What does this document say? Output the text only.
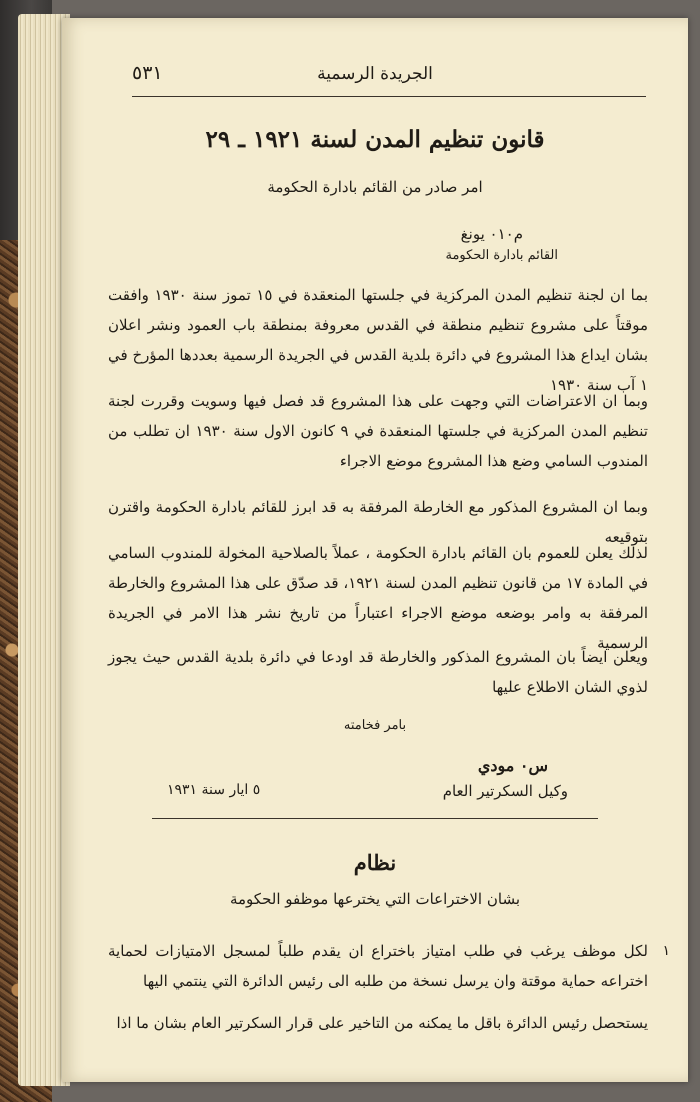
٥٣١	الجريدة الرسمية
قانون تنظيم المدن لسنة ١٩٢١ ـ ٢٩
امر صادر من القائم بادارة الحكومة
م٠١٠ يونغ
القائم بادارة الحكومة
بما ان لجنة تنظيم المدن المركزية في جلستها المنعقدة في ١٥ تموز سنة ١٩٣٠ وافقت موقتاً على مشروع تنظيم منطقة في القدس معروفة بمنطقة باب العمود ونشر اعلان بشان ايداع هذا المشروع في دائرة بلدية القدس في الجريدة الرسمية بعددها المؤرخ في ١ آب سنة ١٩٣٠
وبما ان الاعتراضات التي وجهت على هذا المشروع قد فصل فيها وسويت وقررت لجنة تنظيم المدن المركزية في جلستها المنعقدة في ٩ كانون الاول سنة ١٩٣٠ ان تطلب من المندوب السامي وضع هذا المشروع موضع الاجراء
وبما ان المشروع المذكور مع الخارطة المرفقة به قد ابرز للقائم بادارة الحكومة واقترن بتوقيعه
لذلك يعلن للعموم بان القائم بادارة الحكومة ، عملاً بالصلاحية المخولة للمندوب السامي في المادة ١٧ من قانون تنظيم المدن لسنة ١٩٢١، قد صدّق على هذا المشروع والخارطة المرفقة به وامر بوضعه موضع الاجراء اعتباراً من تاريخ نشر هذا الامر في الجريدة الرسمية
ويعلن ايضاً بان المشروع المذكور والخارطة قد اودعا في دائرة بلدية القدس حيث يجوز لذوي الشان الاطلاع عليها
بامر فخامته
س٠ مودي
وكيل السكرتير العام
٥ ايار سنة ١٩٣١
نظام
بشان الاختراعات التي يخترعها موظفو الحكومة
١
لكل موظف يرغب في طلب امتياز باختراع ان يقدم طلباً لمسجل الامتيازات لحماية اختراعه حماية موقتة وان يرسل نسخة من طلبه الى رئيس الدائرة التي ينتمي اليها
يستحصل رئيس الدائرة باقل ما يمكنه من التاخير على قرار السكرتير العام بشان ما اذا
